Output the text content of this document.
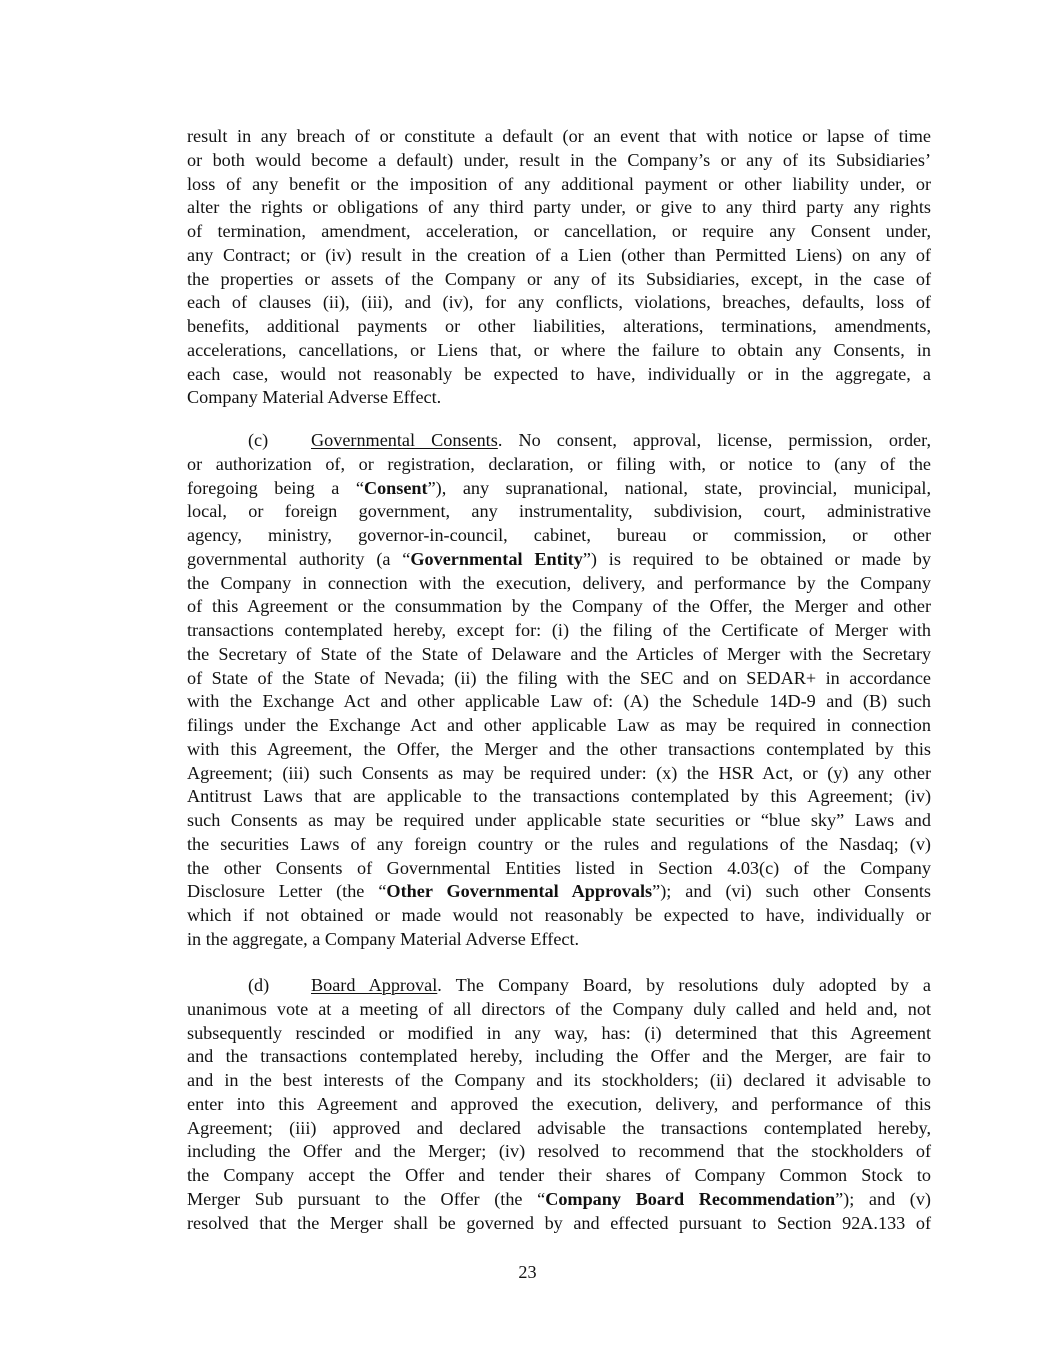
result in any breach of or constitute a default (or an event that with notice or lapse of time
or both would become a default) under, result in the Company’s or any of its Subsidiaries’
loss of any benefit or the imposition of any additional payment or other liability under, or
alter the rights or obligations of any third party under, or give to any third party any rights
of termination, amendment, acceleration, or cancellation, or require any Consent under,
any Contract; or (iv) result in the creation of a Lien (other than Permitted Liens) on any of
the properties or assets of the Company or any of its Subsidiaries, except, in the case of
each of clauses (ii), (iii), and (iv), for any conflicts, violations, breaches, defaults, loss of
benefits, additional payments or other liabilities, alterations, terminations, amendments,
accelerations, cancellations, or Liens that, or where the failure to obtain any Consents, in
each case, would not reasonably be expected to have, individually or in the aggregate, a
Company Material Adverse Effect.
(c) Governmental Consents. No consent, approval, license, permission, order,
or authorization of, or registration, declaration, or filing with, or notice to (any of the
foregoing being a “Consent”), any supranational, national, state, provincial, municipal,
local, or foreign government, any instrumentality, subdivision, court, administrative
agency, ministry, governor-in-council, cabinet, bureau or commission, or other
governmental authority (a “Governmental Entity”) is required to be obtained or made by
the Company in connection with the execution, delivery, and performance by the Company
of this Agreement or the consummation by the Company of the Offer, the Merger and other
transactions contemplated hereby, except for: (i) the filing of the Certificate of Merger with
the Secretary of State of the State of Delaware and the Articles of Merger with the Secretary
of State of the State of Nevada; (ii) the filing with the SEC and on SEDAR+ in accordance
with the Exchange Act and other applicable Law of: (A) the Schedule 14D-9 and (B) such
filings under the Exchange Act and other applicable Law as may be required in connection
with this Agreement, the Offer, the Merger and the other transactions contemplated by this
Agreement; (iii) such Consents as may be required under: (x) the HSR Act, or (y) any other
Antitrust Laws that are applicable to the transactions contemplated by this Agreement; (iv)
such Consents as may be required under applicable state securities or “blue sky” Laws and
the securities Laws of any foreign country or the rules and regulations of the Nasdaq; (v)
the other Consents of Governmental Entities listed in Section 4.03(c) of the Company
Disclosure Letter (the “Other Governmental Approvals”); and (vi) such other Consents
which if not obtained or made would not reasonably be expected to have, individually or
in the aggregate, a Company Material Adverse Effect.
(d) Board Approval. The Company Board, by resolutions duly adopted by a
unanimous vote at a meeting of all directors of the Company duly called and held and, not
subsequently rescinded or modified in any way, has: (i) determined that this Agreement
and the transactions contemplated hereby, including the Offer and the Merger, are fair to
and in the best interests of the Company and its stockholders; (ii) declared it advisable to
enter into this Agreement and approved the execution, delivery, and performance of this
Agreement; (iii) approved and declared advisable the transactions contemplated hereby,
including the Offer and the Merger; (iv) resolved to recommend that the stockholders of
the Company accept the Offer and tender their shares of Company Common Stock to
Merger Sub pursuant to the Offer (the “Company Board Recommendation”); and (v)
resolved that the Merger shall be governed by and effected pursuant to Section 92A.133 of
23
